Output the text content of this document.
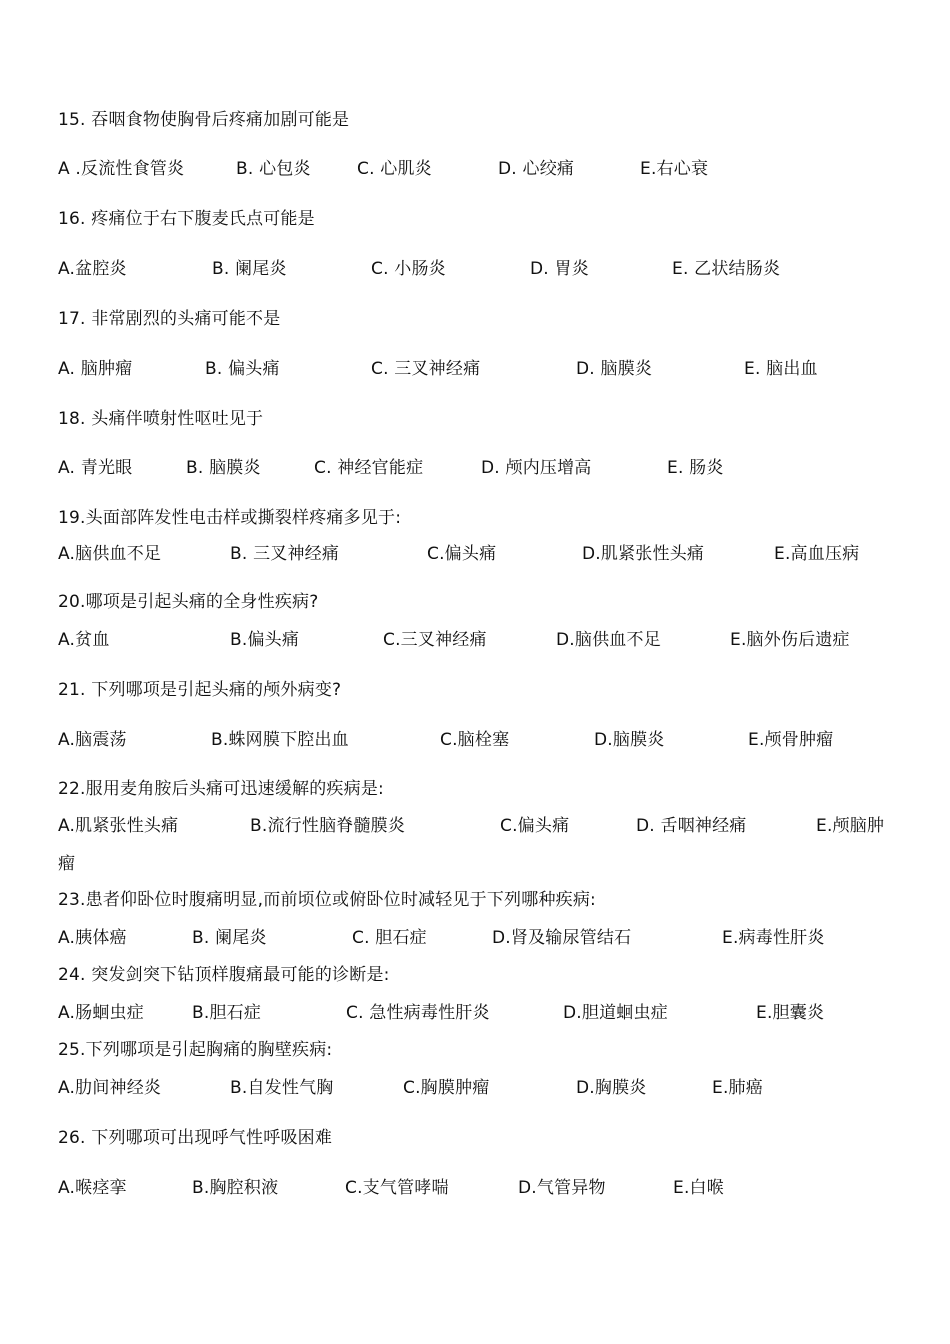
15. 吞咽食物使胸骨后疼痛加剧可能是
A .反流性食管炎	B. 心包炎	C. 心肌炎	D. 心绞痛	E.右心衰
16. 疼痛位于右下腹麦氏点可能是
A.盆腔炎	B. 阑尾炎	C. 小肠炎	D. 胃炎	E. 乙状结肠炎
17. 非常剧烈的头痛可能不是
A. 脑肿瘤	B. 偏头痛	C. 三叉神经痛	D. 脑膜炎	E. 脑出血
18. 头痛伴喷射性呕吐见于
A. 青光眼	B. 脑膜炎	C. 神经官能症	D. 颅内压增高	E. 肠炎
19.头面部阵发性电击样或撕裂样疼痛多见于:
A.脑供血不足	B. 三叉神经痛	C.偏头痛	D.肌紧张性头痛	E.高血压病
20.哪项是引起头痛的全身性疾病?
A.贫血	B.偏头痛	C.三叉神经痛	D.脑供血不足	E.脑外伤后遗症
21. 下列哪项是引起头痛的颅外病变?
A.脑震荡	B.蛛网膜下腔出血	C.脑栓塞	D.脑膜炎	E.颅骨肿瘤
22.服用麦角胺后头痛可迅速缓解的疾病是:
A.肌紧张性头痛	B.流行性脑脊髓膜炎	C.偏头痛	D. 舌咽神经痛	E.颅脑肿
瘤
23.患者仰卧位时腹痛明显,而前顷位或俯卧位时减轻见于下列哪种疾病:
A.胰体癌	B. 阑尾炎	C. 胆石症	D.肾及输尿管结石	E.病毒性肝炎
24. 突发剑突下钻顶样腹痛最可能的诊断是:
A.肠蛔虫症	B.胆石症	C. 急性病毒性肝炎	D.胆道蛔虫症	E.胆囊炎
25.下列哪项是引起胸痛的胸壁疾病:
A.肋间神经炎	B.自发性气胸	C.胸膜肿瘤	D.胸膜炎	E.肺癌
26. 下列哪项可出现呼气性呼吸困难
A.喉痉挛	B.胸腔积液	C.支气管哮喘	D.气管异物	E.白喉
